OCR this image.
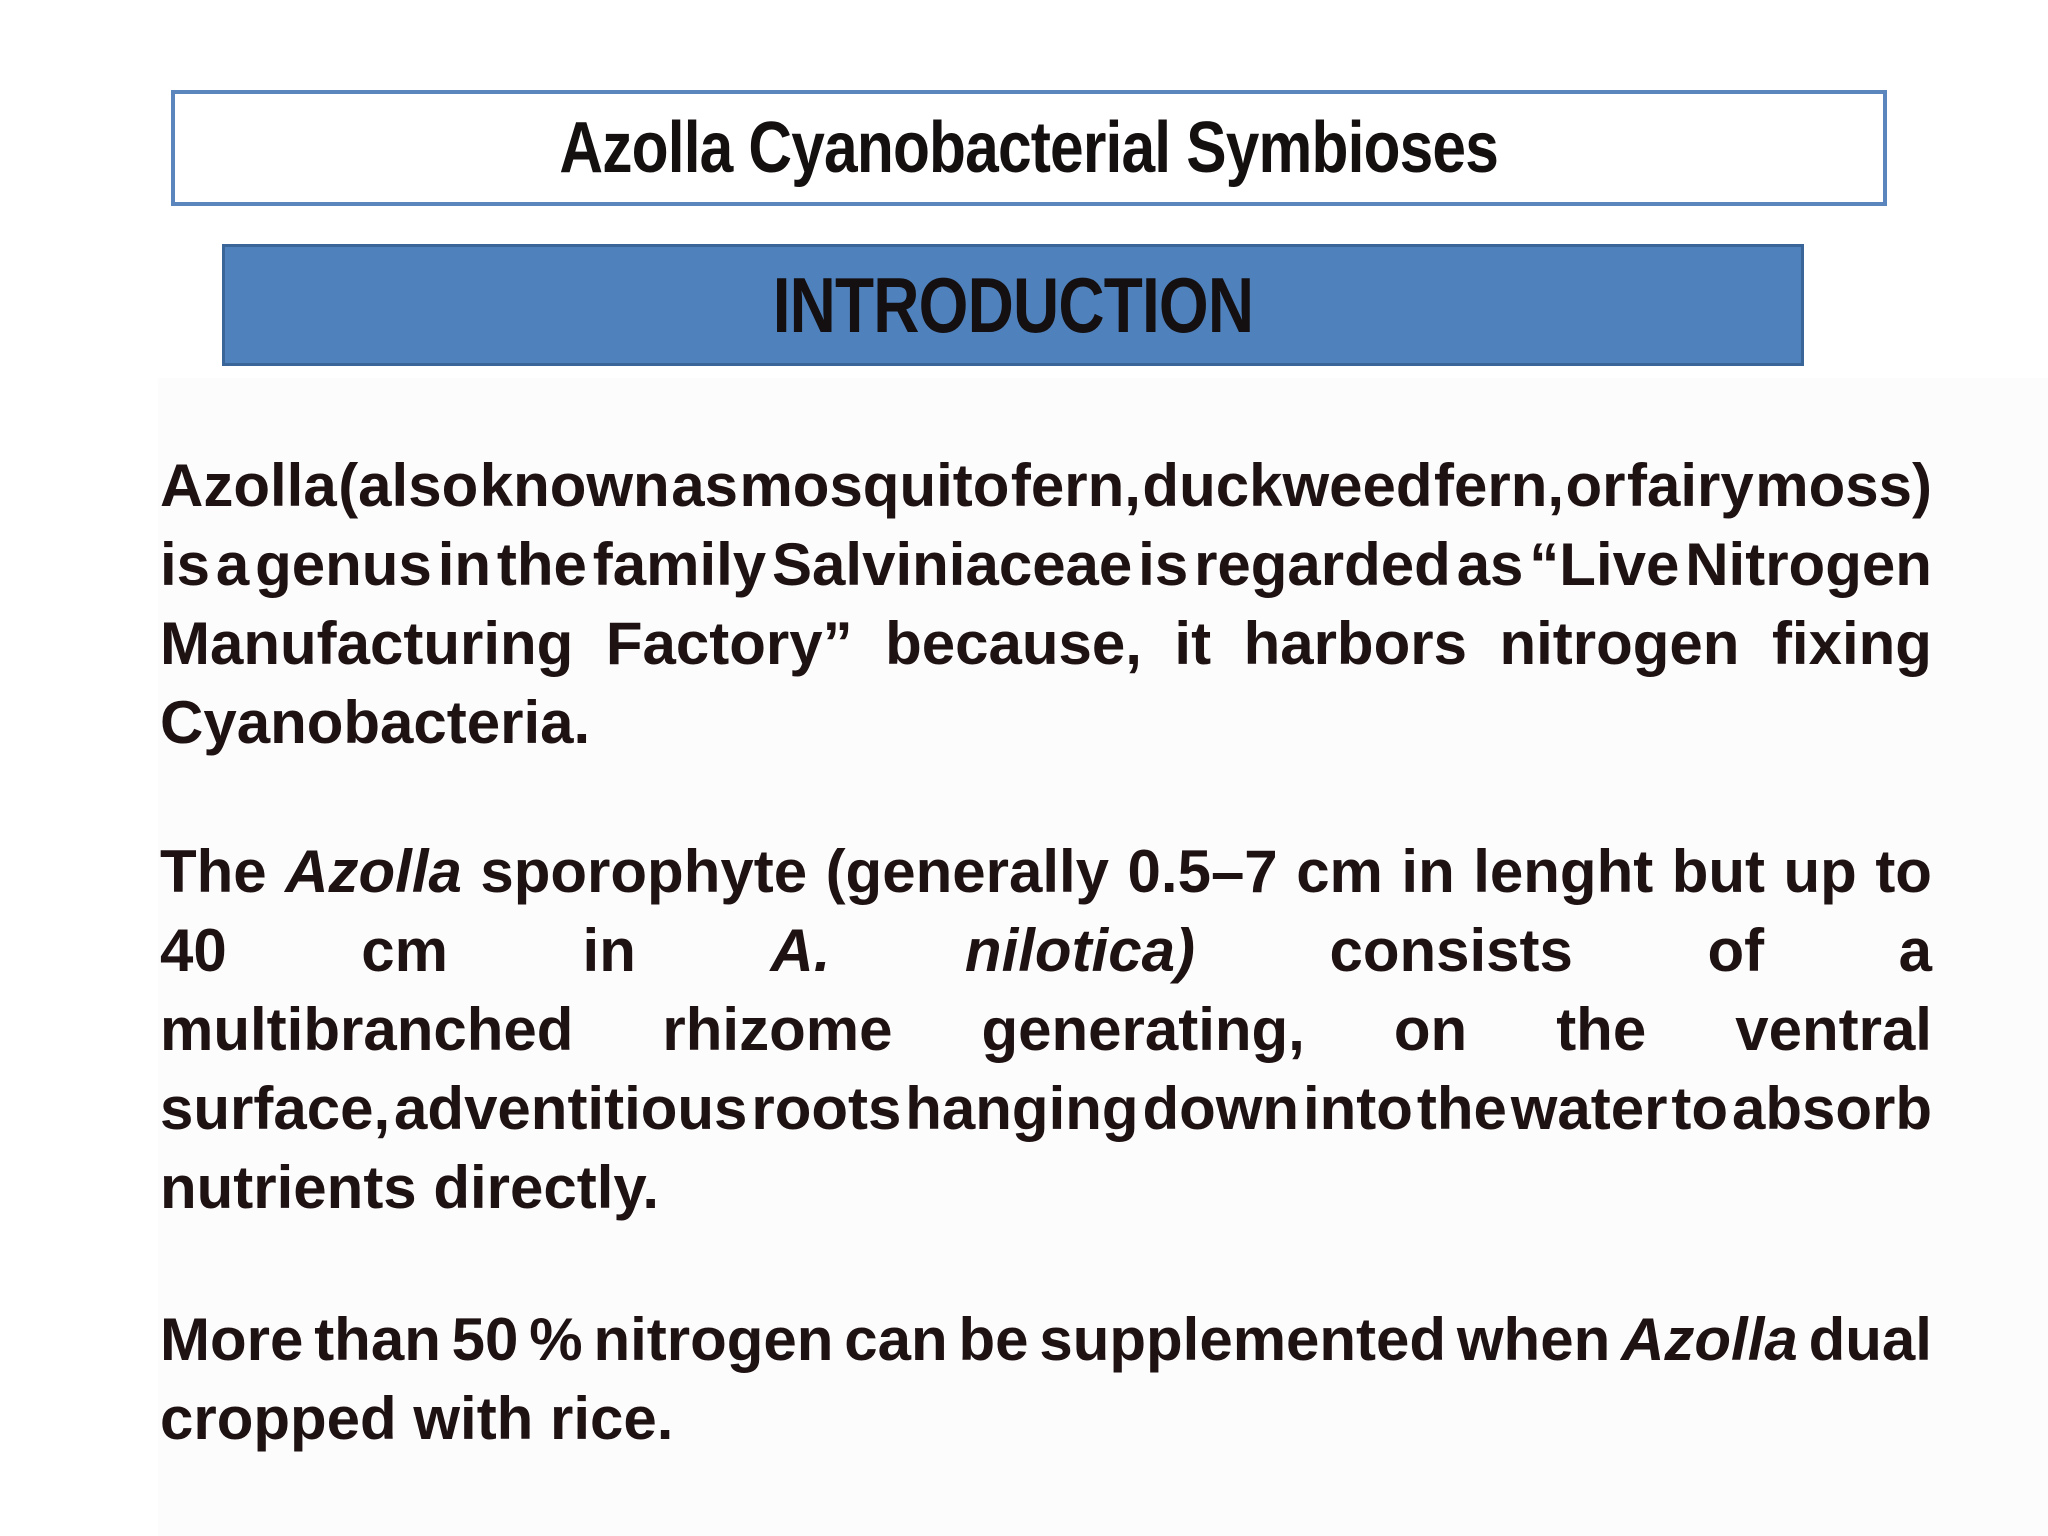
Azolla Cyanobacterial Symbioses
INTRODUCTION
Azolla (also known as mosquito fern, duckweed fern, or fairy moss)
is a genus in the family Salviniaceae is regarded as “Live Nitrogen
Manufacturing Factory” because, it harbors nitrogen fixing
Cyanobacteria.
The Azolla sporophyte (generally 0.5–7 cm in lenght but up to
40 cm in A. nilotica) consists of a
multibranched rhizome generating, on the ventral
surface, adventitious roots hanging down into the water to absorb
nutrients directly.
More than 50 % nitrogen can be supplemented when Azolla dual
cropped with rice.
